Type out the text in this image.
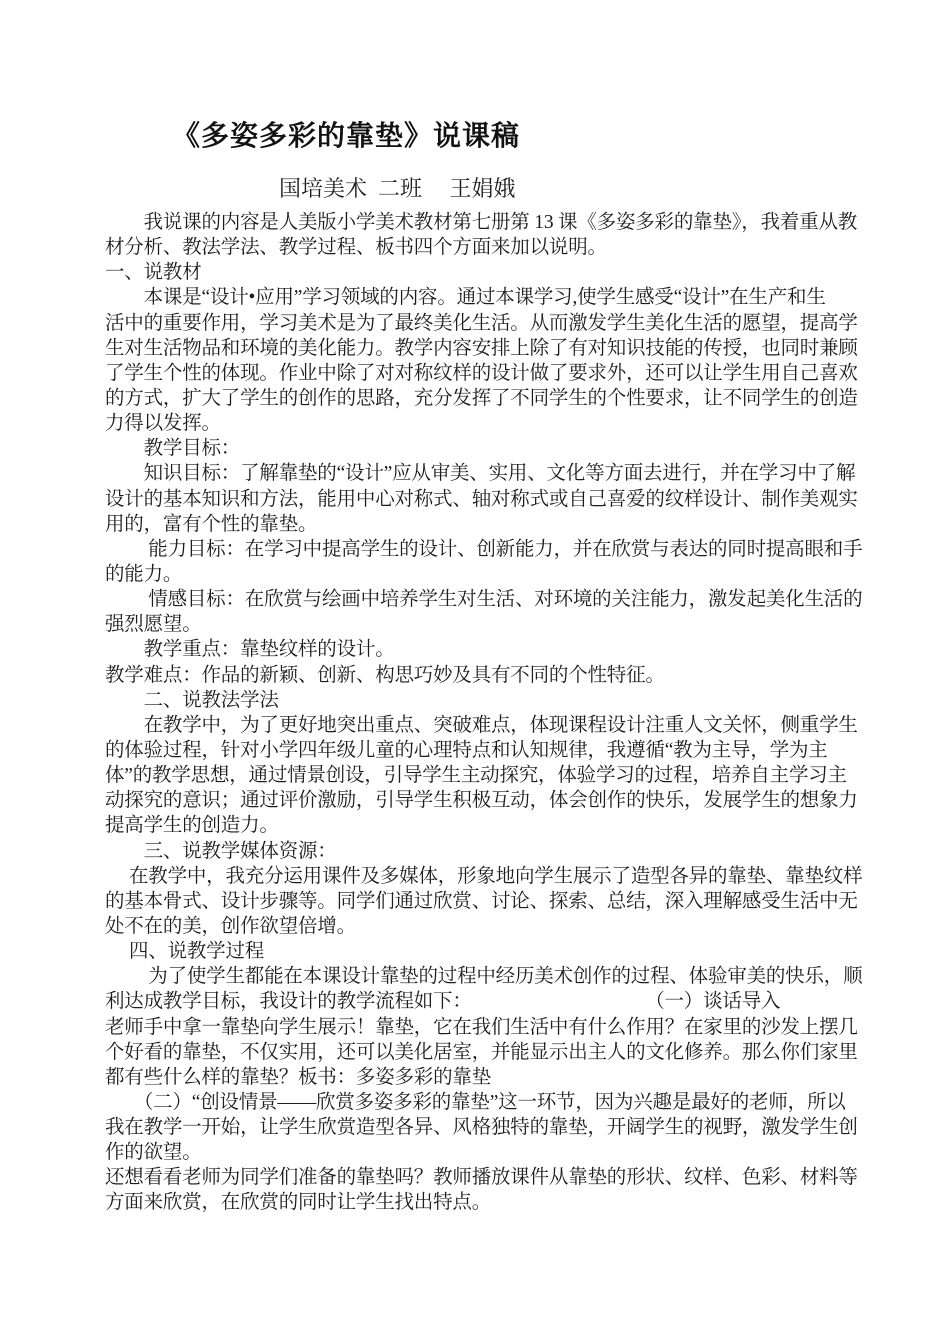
《多姿多彩的靠垫》说课稿
国培美术  二班　 王娟娥
　　我说课的内容是人美版小学美术教材第七册第 13 课《多姿多彩的靠垫》，我着重从教
材分析、教法学法、教学过程、板书四个方面来加以说明。
一、说教材
　　本课是“设计•应用”学习领域的内容。通过本课学习,使学生感受“设计”在生产和生
活中的重要作用，学习美术是为了最终美化生活。从而激发学生美化生活的愿望，提高学
生对生活物品和环境的美化能力。教学内容安排上除了有对知识技能的传授，也同时兼顾
了学生个性的体现。作业中除了对对称纹样的设计做了要求外，还可以让学生用自己喜欢
的方式，扩大了学生的创作的思路，充分发挥了不同学生的个性要求，让不同学生的创造
力得以发挥。
　　教学目标：
　　知识目标：了解靠垫的“设计”应从审美、实用、文化等方面去进行，并在学习中了解
设计的基本知识和方法，能用中心对称式、轴对称式或自己喜爱的纹样设计、制作美观实
用的，富有个性的靠垫。
　　 能力目标：在学习中提高学生的设计、创新能力，并在欣赏与表达的同时提高眼和手
的能力。
　　 情感目标：在欣赏与绘画中培养学生对生活、对环境的关注能力，激发起美化生活的
强烈愿望。
　　教学重点：靠垫纹样的设计。
教学难点：作品的新颖、创新、构思巧妙及具有不同的个性特征。
　　二、说教法学法
　　在教学中，为了更好地突出重点、突破难点，体现课程设计注重人文关怀，侧重学生
的体验过程，针对小学四年级儿童的心理特点和认知规律，我遵循“教为主导，学为主
体”的教学思想，通过情景创设，引导学生主动探究，体验学习的过程，培养自主学习主
动探究的意识；通过评价激励，引导学生积极互动，体会创作的快乐，发展学生的想象力
提高学生的创造力。
　　三、说教学媒体资源：
　 在教学中，我充分运用课件及多媒体，形象地向学生展示了造型各异的靠垫、靠垫纹样
的基本骨式、设计步骤等。同学们通过欣赏、讨论、探索、总结，深入理解感受生活中无
处不在的美，创作欲望倍增。
　 四、说教学过程
　　 为了使学生都能在本课设计靠垫的过程中经历美术创作的过程、体验审美的快乐，顺
利达成教学目标，我设计的教学流程如下：　　　　　　　　　　（一）谈话导入
老师手中拿一靠垫向学生展示！靠垫，它在我们生活中有什么作用？在家里的沙发上摆几
个好看的靠垫，不仅实用，还可以美化居室，并能显示出主人的文化修养。那么你们家里
都有些什么样的靠垫？板书：多姿多彩的靠垫
　　（二）“创设情景——欣赏多姿多彩的靠垫”这一环节，因为兴趣是最好的老师，所以
我在教学一开始，让学生欣赏造型各异、风格独特的靠垫，开阔学生的视野，激发学生创
作的欲望。
还想看看老师为同学们准备的靠垫吗？教师播放课件从靠垫的形状、纹样、色彩、材料等
方面来欣赏，在欣赏的同时让学生找出特点。
